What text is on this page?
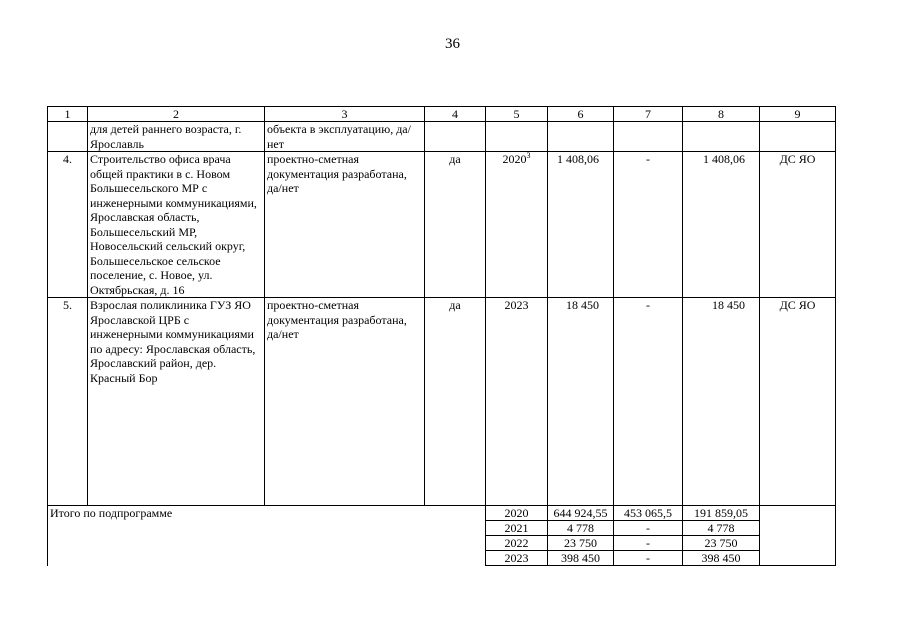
36
1	2	3	4	5	6	7	8	9
	для детей раннего возраста, г. Ярославль	объекта в эксплуатацию, да/нет						
4.	Строительство офиса врача общей практики в с. Новом Большесельского МР с инженерными коммуникациями, Ярославская область, Большесельский МР, Новосельский сельский округ, Большесельское сельское поселение, с. Новое, ул. Октябрьская, д. 16	проектно-сметная документация разработана, да/нет	да	2020$^3$	1 408,06	-	1 408,06	ДС ЯО
5.	Взрослая поликлиника ГУЗ ЯО Ярославской ЦРБ с инженерными коммуникациями по адресу: Ярославская область, Ярославский район, дер. Красный Бор	проектно-сметная документация разработана, да/нет	да	2023	18 450	-	18 450	ДС ЯО
Итого по подпрограмме				2020	644 924,55	453 065,5	191 859,05	
				2021	4 778	-	4 778	
				2022	23 750	-	23 750	
				2023	398 450	-	398 450	
